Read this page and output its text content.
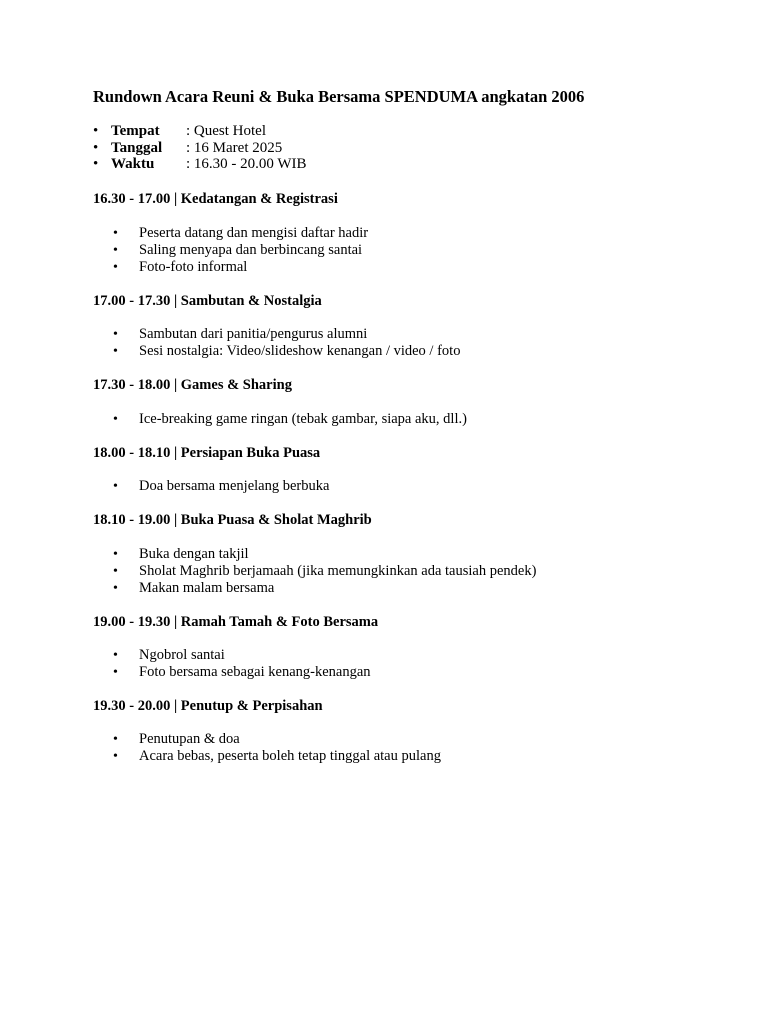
Rundown Acara Reuni & Buka Bersama SPENDUMA angkatan 2006
• Tempat : Quest Hotel
• Tanggal : 16 Maret 2025
• Waktu : 16.30 - 20.00 WIB
16.30 - 17.00 | Kedatangan & Registrasi
• Peserta datang dan mengisi daftar hadir
• Saling menyapa dan berbincang santai
• Foto-foto informal
17.00 - 17.30 | Sambutan & Nostalgia
• Sambutan dari panitia/pengurus alumni
• Sesi nostalgia: Video/slideshow kenangan / video / foto
17.30 - 18.00 | Games & Sharing
• Ice-breaking game ringan (tebak gambar, siapa aku, dll.)
18.00 - 18.10 | Persiapan Buka Puasa
• Doa bersama menjelang berbuka
18.10 - 19.00 | Buka Puasa & Sholat Maghrib
• Buka dengan takjil
• Sholat Maghrib berjamaah (jika memungkinkan ada tausiah pendek)
• Makan malam bersama
19.00 - 19.30 | Ramah Tamah & Foto Bersama
• Ngobrol santai
• Foto bersama sebagai kenang-kenangan
19.30 - 20.00 | Penutup & Perpisahan
• Penutupan & doa
• Acara bebas, peserta boleh tetap tinggal atau pulang
